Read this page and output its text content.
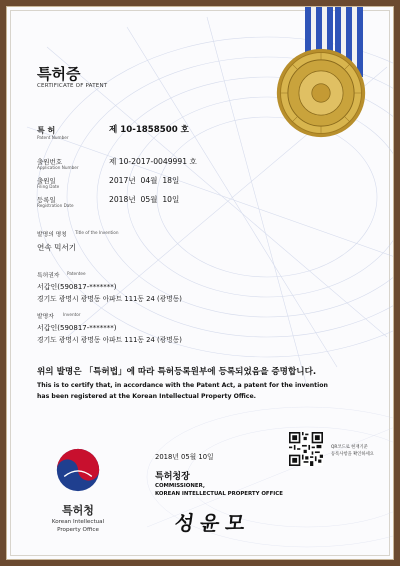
특허증
CERTIFICATE OF PATENT
특 허
Patent Number
제 10-1858500 호
출원번호
Application Number
제 10-2017-0049991 호
출원일
Filing Date
2017년  04월  18일
등록일
Registration Date
2018년  05월  10일
발명의 명칭 Title of the Invention
연속 믹서기
특허권자 Patentee
서갑인(590817-*******)
경기도 광명시 광명동 아파트 111동 24 (광명동)
발명자 Inventor
서갑인(590817-*******)
경기도 광명시 광명동 아파트 111동 24 (광명동)
위의 발명은 「특허법」에 따라 특허등록원부에 등록되었음을 증명합니다.
This is to certify that, in accordance with the Patent Act, a patent for the invention
has been registered at the Korean Intellectual Property Office.
특허청
Korean Intellectual
Property Office
2018년 05월 10일
QR코드로 현재기준
등록사항을 확인하세요
특허청장
COMMISSIONER,
KOREAN INTELLECTUAL PROPERTY OFFICE
성윤모
